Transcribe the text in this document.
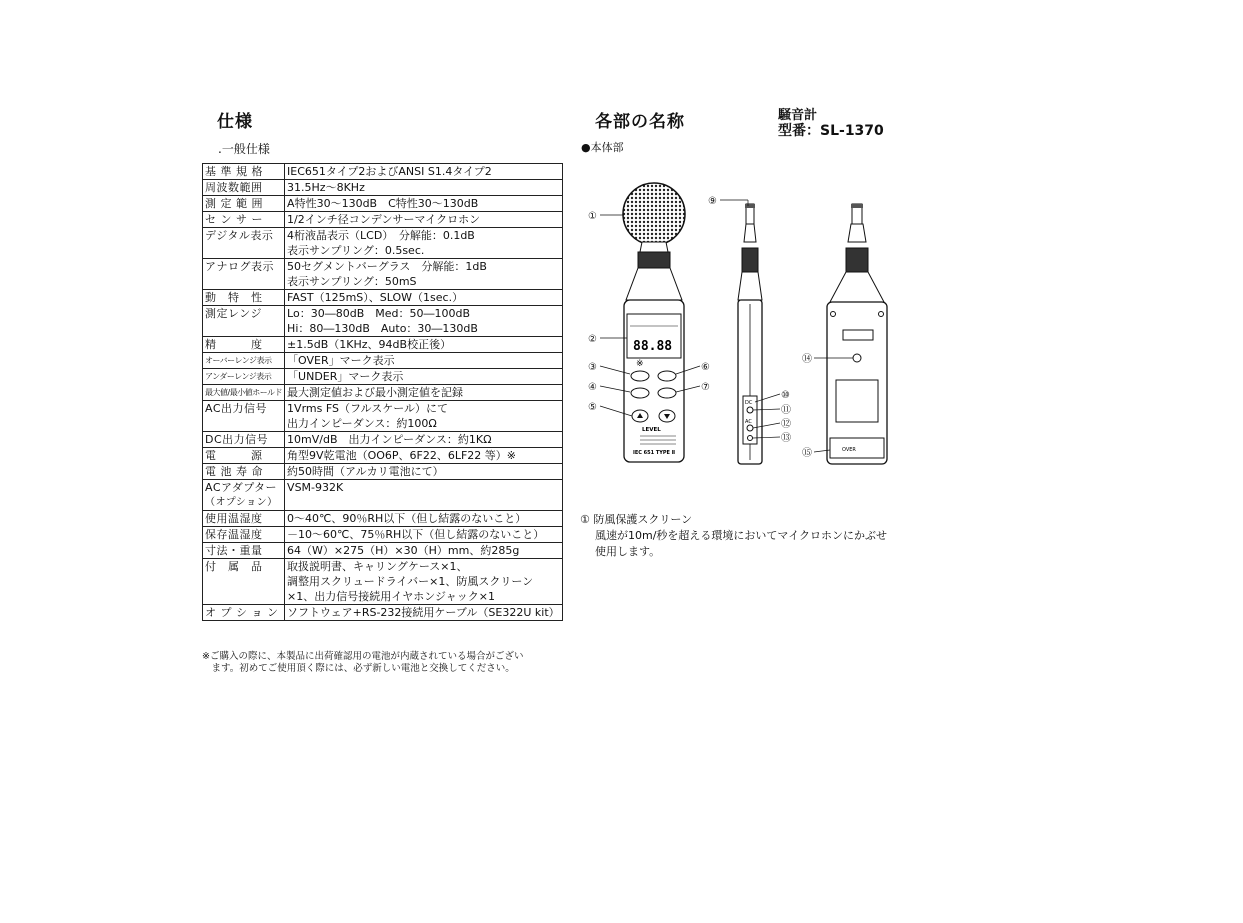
仕様
.一般仕様
基 準 規 格	IEC651タイプ2およびANSI S1.4タイプ2

周波数範囲	31.5Hz～8KHz

測 定 範 囲	A特性30～130dB　C特性30～130dB

セ ン サ ー	1/2インチ径コンデンサーマイクロホン

デジタル表示	4桁液晶表示（LCD）　分解能：0.1dB
表示サンプリング：0.5sec.

アナログ表示	50セグメントバーグラス　分解能：1dB
表示サンプリング：50mS

動　特　性	FAST（125mS）、SLOW（1sec.）

測定レンジ	Lo：30―80dB　Med：50―100dB
Hi：80―130dB　Auto：30―130dB

精　　　度	±1.5dB（1KHz、94dB校正後）

オーバーレンジ表示	「OVER」マーク表示

アンダーレンジ表示	「UNDER」マーク表示

最大値/最小値ホールド	最大測定値および最小測定値を記録

AC出力信号	1Vrms FS（フルスケール）にて
出力インピーダンス：約100Ω

DC出力信号	10mV/dB　出力インピーダンス：約1KΩ

電　　　源	角型9V乾電池（OO6P、6F22、6LF22 等）※

電 池 寿 命	約50時間（アルカリ電池にて）

ACアダプター
（オプション）	VSM-932K

使用温湿度	0～40℃、90％RH以下（但し結露のないこと）

保存温湿度	－10～60℃、75％RH以下（但し結露のないこと）

寸法・重量	64（W）×275（H）×30（H）mm、約285g

付　属　品	取扱説明書、キャリングケース×1、
調整用スクリュードライバー×1、防風スクリーン
×1、出力信号接続用イヤホンジャック×1

オ プ シ ョ ン	ソフトウェア+RS-232接続用ケーブル（SE322U kit）
※ご購入の際に、本製品に出荷確認用の電池が内蔵されている場合がござい
　ます。初めてご使用頂く際には、必ず新しい電池と交換してください。
各部の名称	騒音計
型番：SL-1370
●本体部
88.88
※
LEVEL
IEC 651 TYPE Ⅱ
DC
AC
OVER
①
②
③
④
⑤
⑥
⑦
⑨
⑩
⑪
⑫
⑬
⑭
⑮
① 防風保護スクリーン
風速が10m/秒を超える環境においてマイクロホンにかぶせ
使用します。
